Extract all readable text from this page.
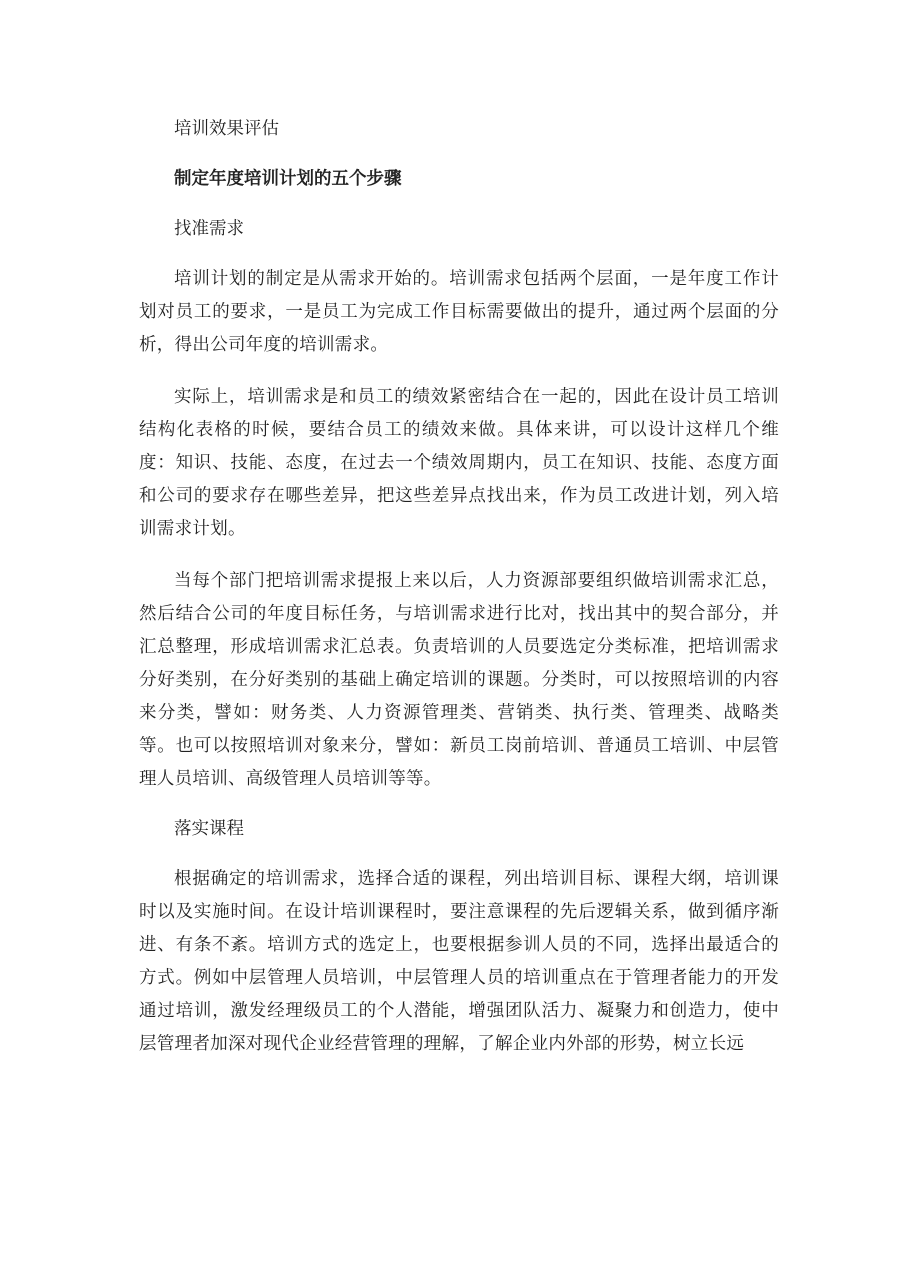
培训效果评估

制定年度培训计划的五个步骤

找准需求

培训计划的制定是从需求开始的。培训需求包括两个层面，一是年度工作计划对员工的要求，一是员工为完成工作目标需要做出的提升，通过两个层面的分析，得出公司年度的培训需求。

实际上，培训需求是和员工的绩效紧密结合在一起的，因此在设计员工培训结构化表格的时候，要结合员工的绩效来做。具体来讲，可以设计这样几个维度：知识、技能、态度，在过去一个绩效周期内，员工在知识、技能、态度方面和公司的要求存在哪些差异，把这些差异点找出来，作为员工改进计划，列入培训需求计划。

当每个部门把培训需求提报上来以后，人力资源部要组织做培训需求汇总，然后结合公司的年度目标任务，与培训需求进行比对，找出其中的契合部分，并汇总整理，形成培训需求汇总表。负责培训的人员要选定分类标准，把培训需求分好类别，在分好类别的基础上确定培训的课题。分类时，可以按照培训的内容来分类，譬如：财务类、人力资源管理类、营销类、执行类、管理类、战略类等。也可以按照培训对象来分，譬如：新员工岗前培训、普通员工培训、中层管理人员培训、高级管理人员培训等等。

落实课程

根据确定的培训需求，选择合适的课程，列出培训目标、课程大纲，培训课时以及实施时间。在设计培训课程时，要注意课程的先后逻辑关系，做到循序渐进、有条不紊。培训方式的选定上，也要根据参训人员的不同，选择出最适合的方式。例如中层管理人员培训，中层管理人员的培训重点在于管理者能力的开发通过培训，激发经理级员工的个人潜能，增强团队活力、凝聚力和创造力，使中层管理者加深对现代企业经营管理的理解，了解企业内外部的形势，树立长远
